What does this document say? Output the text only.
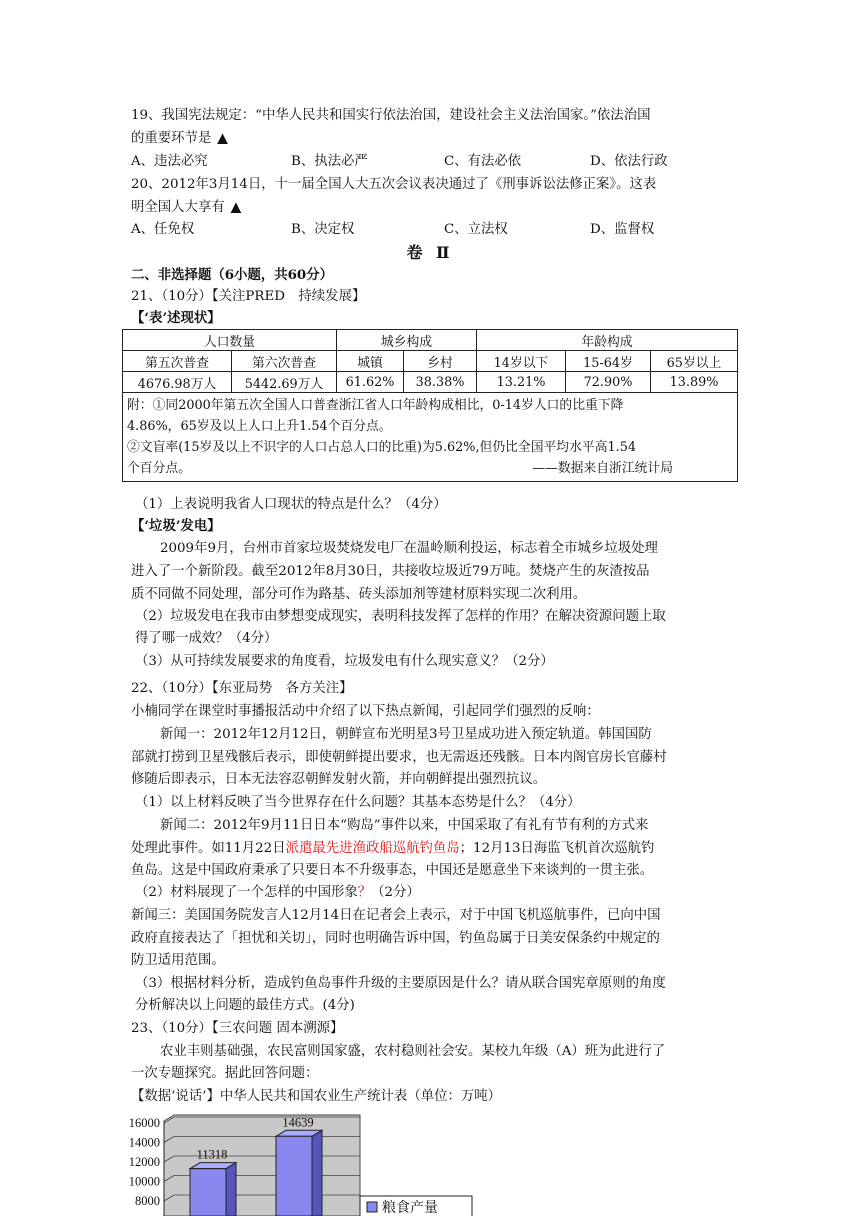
19、我国宪法规定：“中华人民共和国实行依法治国，建设社会主义法治国家。”依法治国
的重要环节是 ▲
A、违法必究	B、执法必严	C、有法必依	D、依法行政
20、2012年3月14日，十一届全国人大五次会议表决通过了《刑事诉讼法修正案》。这表
明全国人大享有 ▲
A、任免权	B、决定权	C、立法权	D、监督权
卷 Ⅱ
二、非选择题（6小题，共60分）
21、（10分）【关注PRED　持续发展】
【‘表’述现状】
人口数量		城乡构成		年龄构成		
第五次普查	第六次普查	城镇	乡村	14岁以下	15-64岁	65岁以上
4676.98万人	5442.69万人	61.62%	38.38%	13.21%	72.90%	13.89%

附：①同2000年第五次全国人口普查浙江省人口年龄构成相比，0-14岁人口的比重下降
4.86%，65岁及以上人口上升1.54个百分点。
②文盲率(15岁及以上不识字的人口占总人口的比重)为5.62%,但仍比全国平均水平高1.54
个百分点。 ——数据来自浙江统计局						
（1）上表说明我省人口现状的特点是什么？（4分）
【‘垃圾’发电】
2009年9月，台州市首家垃圾焚烧发电厂在温岭顺利投运，标志着全市城乡垃圾处理
进入了一个新阶段。截至2012年8月30日，共接收垃圾近79万吨。焚烧产生的灰渣按品
质不同做不同处理，部分可作为路基、砖头添加剂等建材原料实现二次利用。
（2）垃圾发电在我市由梦想变成现实，表明科技发挥了怎样的作用？在解决资源问题上取
得了哪一成效？（4分）
（3）从可持续发展要求的角度看，垃圾发电有什么现实意义？（2分）
22、（10分）【东亚局势　各方关注】
小楠同学在课堂时事播报活动中介绍了以下热点新闻，引起同学们强烈的反响：
新闻一：2012年12月12日，朝鲜宣布光明星3号卫星成功进入预定轨道。韩国国防
部就打捞到卫星残骸后表示，即使朝鲜提出要求，也无需返还残骸。日本内阁官房长官藤村
修随后即表示，日本无法容忍朝鲜发射火箭，并向朝鲜提出强烈抗议。
（1）以上材料反映了当今世界存在什么问题？其基本态势是什么？（4分）
新闻二：2012年9月11日日本“购岛”事件以来，中国采取了有礼有节有利的方式来
处理此事件。如11月22日派遣最先进渔政船巡航钓鱼岛；12月13日海监飞机首次巡航钓
鱼岛。这是中国政府秉承了只要日本不升级事态，中国还是愿意坐下来谈判的一贯主张。
（2）材料展现了一个怎样的中国形象？（2分）
新闻三：美国国务院发言人12月14日在记者会上表示，对于中国飞机巡航事件，已向中国
政府直接表达了「担忧和关切」，同时也明确告诉中国，钓鱼岛属于日美安保条约中规定的
防卫适用范围。
（3）根据材料分析，造成钓鱼岛事件升级的主要原因是什么？请从联合国宪章原则的角度
分析解决以上问题的最佳方式。(4分)
23、（10分）【三农问题 固本溯源】
农业丰则基础强，农民富则国家盛，农村稳则社会安。某校九年级（A）班为此进行了
一次专题探究。据此回答问题：
【数据‘说话’】中华人民共和国农业生产统计表（单位：万吨）
16000
14000
12000
10000
8000
11318
14639
粮食产量
